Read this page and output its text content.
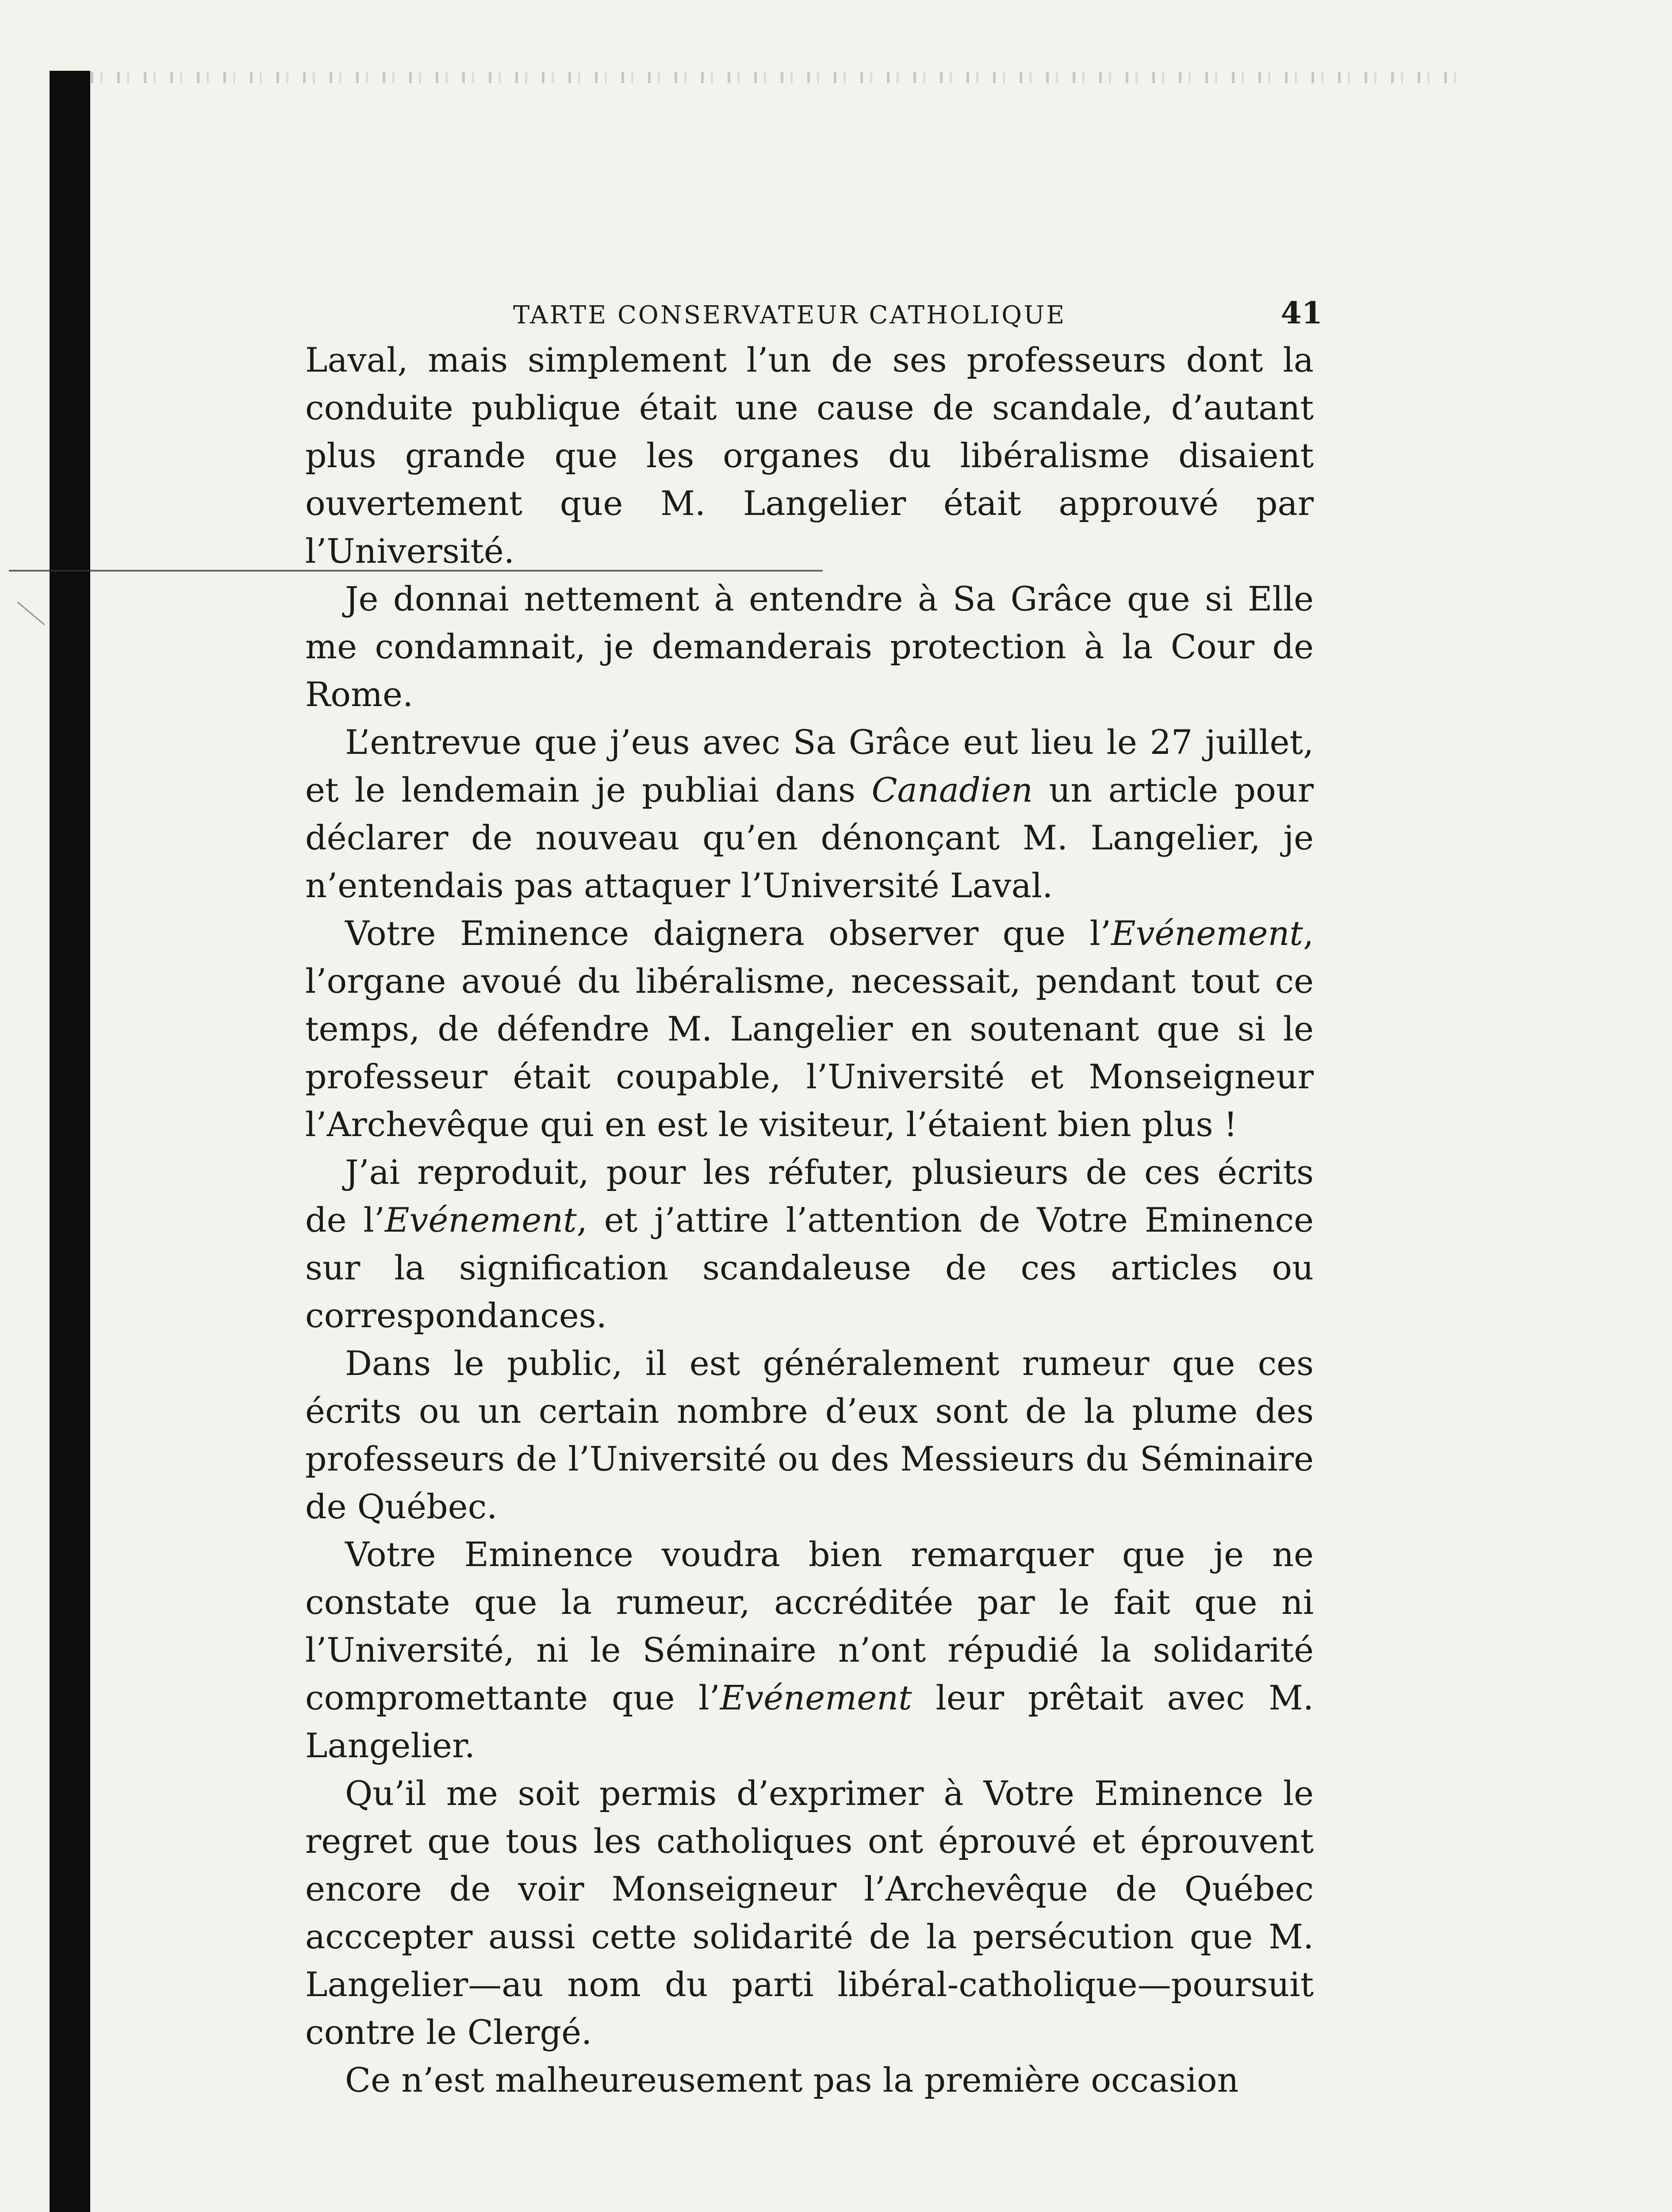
TARTE CONSERVATEUR CATHOLIQUE	41

Laval, mais simplement l’un de ses professeurs dont la conduite publique était une cause de scandale, d’autant plus grande que les organes du libéralisme disaient ouvertement que M. Langelier était approuvé par l’Université.

Je donnai nettement à entendre à Sa Grâce que si Elle me condamnait, je demanderais protection à la Cour de Rome.

L’entrevue que j’eus avec Sa Grâce eut lieu le 27 juillet, et le lendemain je publiai dans Canadien un article pour déclarer de nouveau qu’en dénonçant M. Langelier, je n’entendais pas attaquer l’Université Laval.

Votre Eminence daignera observer que l’Evénement, l’organe avoué du libéralisme, necessait, pendant tout ce temps, de défendre M. Langelier en soutenant que si le professeur était coupable, l’Université et Monseigneur l’Archevêque qui en est le visiteur, l’étaient bien plus !

J’ai reproduit, pour les réfuter, plusieurs de ces écrits de l’Evénement, et j’attire l’attention de Votre Eminence sur la signification scandaleuse de ces articles ou correspondances.

Dans le public, il est généralement rumeur que ces écrits ou un certain nombre d’eux sont de la plume des professeurs de l’Université ou des Messieurs du Séminaire de Québec.

Votre Eminence voudra bien remarquer que je ne constate que la rumeur, accréditée par le fait que ni l’Université, ni le Séminaire n’ont répudié la solidarité compromettante que l’Evénement leur prêtait avec M. Langelier.

Qu’il me soit permis d’exprimer à Votre Eminence le regret que tous les catholiques ont éprouvé et éprouvent encore de voir Monseigneur l’Archevêque de Québec acccepter aussi cette solidarité de la persécution que M. Langelier—au nom du parti libéral-catholique—poursuit contre le Clergé.

Ce n’est malheureusement pas la première occasion
